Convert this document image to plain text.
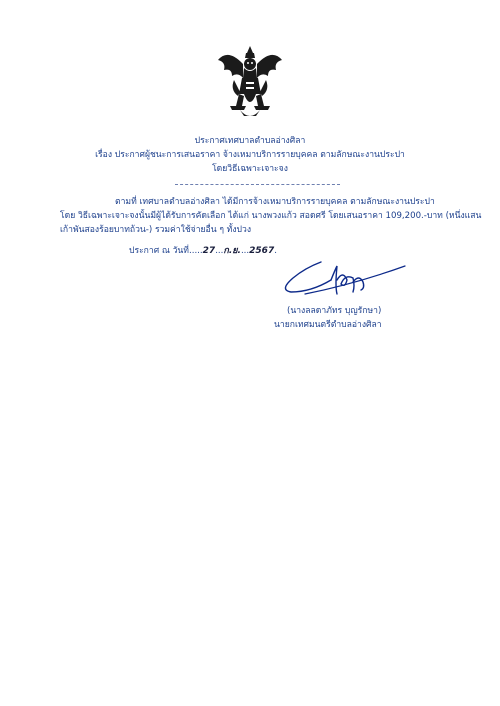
ประกาศเทศบาลตำบลอ่างศิลา
เรื่อง ประกาศผู้ชนะการเสนอราคา จ้างเหมาบริการรายบุคคล ตามลักษณะงานประปา
โดยวิธีเฉพาะเจาะจง
ตามที่ เทศบาลตำบลอ่างศิลา ได้มีการจ้างเหมาบริการรายบุคคล ตามลักษณะงานประปา
โดย วิธีเฉพาะเจาะจงนั้นมีผู้ได้รับการคัดเลือก ได้แก่ นางพวงแก้ว สอดศรี โดยเสนอราคา 109,200.-บาท (หนึ่งแสน
เก้าพันสองร้อยบาทถ้วน-) รวมค่าใช้จ่ายอื่น ๆ ทั้งปวง
ประกาศ ณ วันที่.....27...ก.ย....2567.
(นางลลดาภัทร บุญรักษา)
นายกเทศมนตรีตำบลอ่างศิลา
